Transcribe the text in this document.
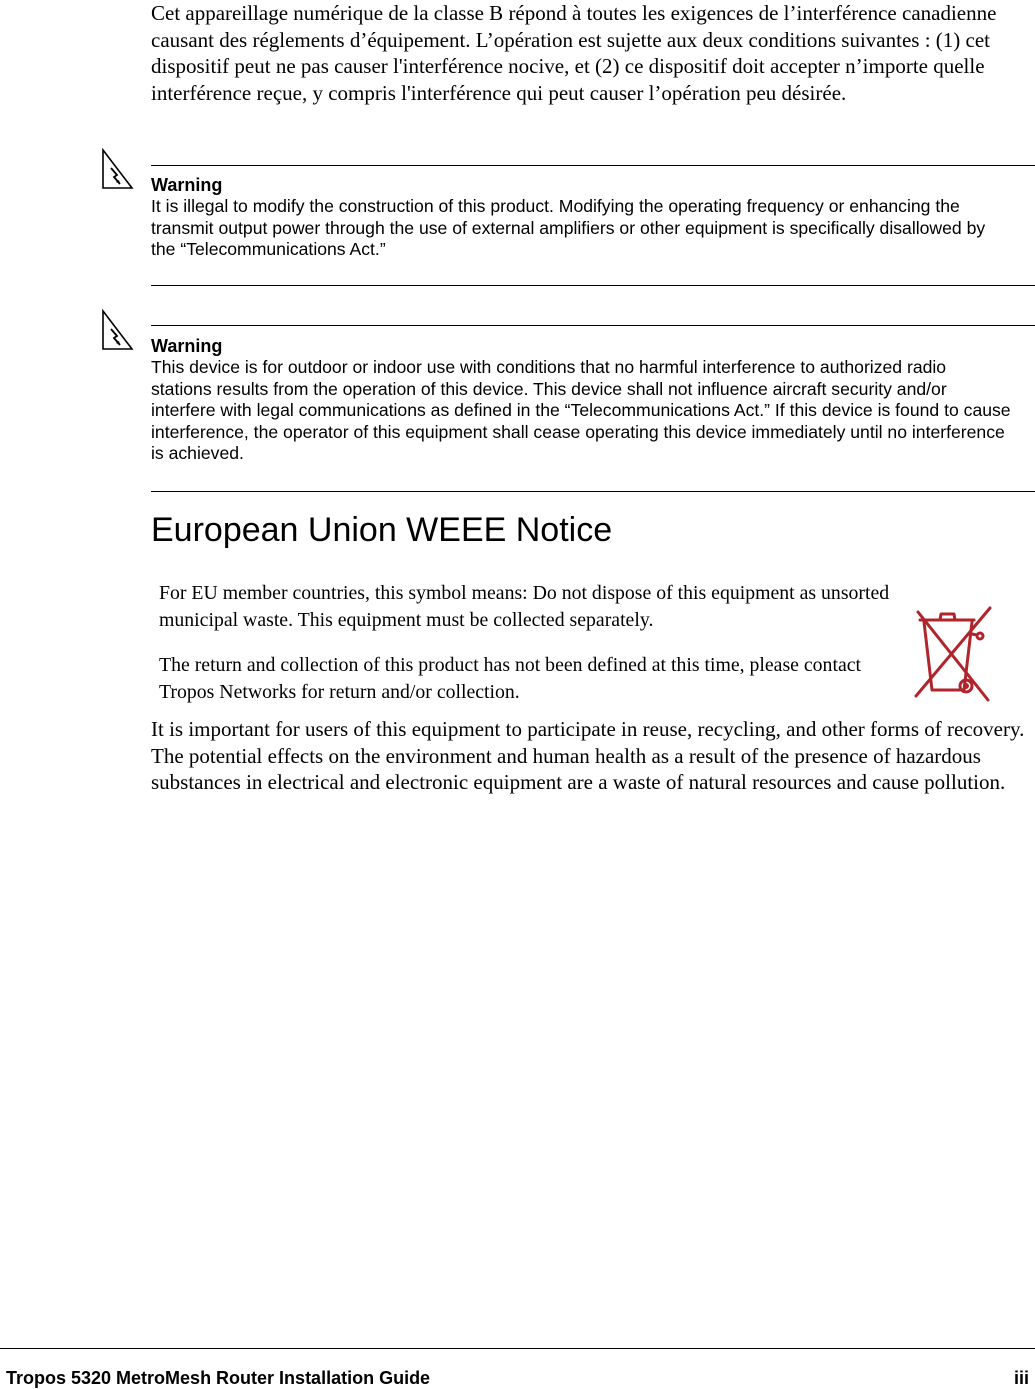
Cet appareillage numérique de la classe B répond à toutes les exigences de l’interférence canadienne causant des réglements d’équipement. L’opération est sujette aux deux conditions suivantes : (1) cet dispositif peut ne pas causer l'interférence nocive, et (2) ce dispositif doit accepter n’importe quelle interférence reçue, y compris l'interférence qui peut causer l’opération peu désirée.

Warning

It is illegal to modify the construction of this product. Modifying the operating frequency or enhancing the transmit output power through the use of external amplifiers or other equipment is specifically disallowed by the “Telecommunications Act.”

Warning

This device is for outdoor or indoor use with conditions that no harmful interference to authorized radio stations results from the operation of this device. This device shall not influence aircraft security and/or interfere with legal communications as defined in the “Telecommunications Act.” If this device is found to cause interference, the operator of this equipment shall cease operating this device immediately until no interference is achieved.

European Union WEEE Notice

For EU member countries, this symbol means: Do not dispose of this equipment as unsorted municipal waste. This equipment must be collected separately.

The return and collection of this product has not been defined at this time, please contact Tropos Networks for return and/or collection.

It is important for users of this equipment to participate in reuse, recycling, and other forms of recovery. The potential effects on the environment and human health as a result of the presence of hazardous substances in electrical and electronic equipment are a waste of natural resources and cause pollution.

Tropos 5320 MetroMesh Router Installation Guide	iii
